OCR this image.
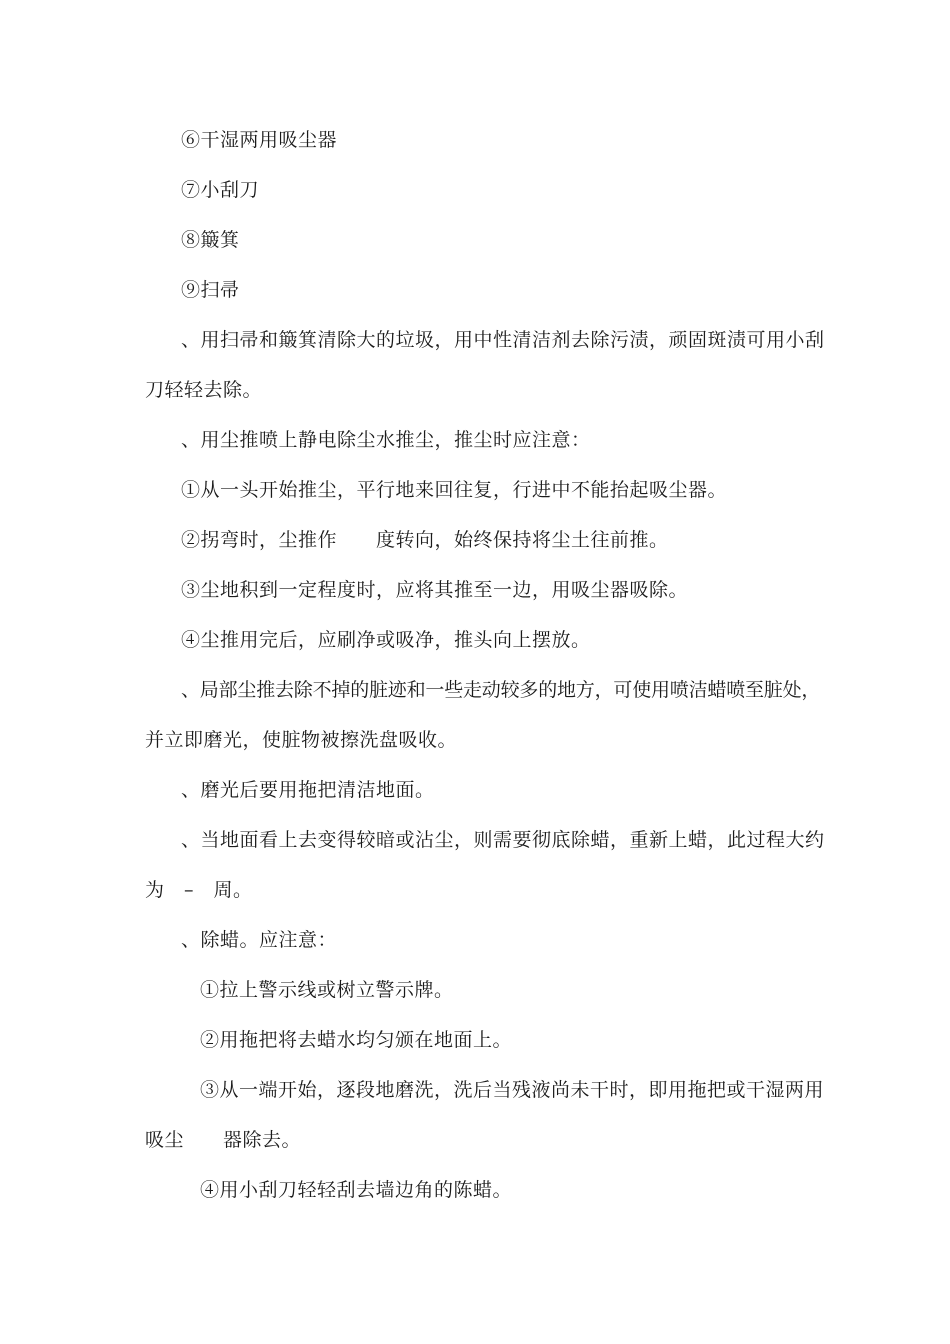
⑥干湿两用吸尘器
⑦小刮刀
⑧簸箕
⑨扫帚
、用扫帚和簸箕清除大的垃圾，用中性清洁剂去除污渍，顽固斑渍可用小刮
刀轻轻去除。
、用尘推喷上静电除尘水推尘，推尘时应注意：
①从一头开始推尘，平行地来回往复，行进中不能抬起吸尘器。
②拐弯时，尘推作　　度转向，始终保持将尘土往前推。
③尘地积到一定程度时，应将其推至一边，用吸尘器吸除。
④尘推用完后，应刷净或吸净，推头向上摆放。
、局部尘推去除不掉的脏迹和一些走动较多的地方，可使用喷洁蜡喷至脏处，
并立即磨光，使脏物被擦洗盘吸收。
、磨光后要用拖把清洁地面。
、当地面看上去变得较暗或沾尘，则需要彻底除蜡，重新上蜡，此过程大约
为　–　周。
、除蜡。应注意：
①拉上警示线或树立警示牌。
②用拖把将去蜡水均匀颁在地面上。
③从一端开始，逐段地磨洗，洗后当残液尚未干时，即用拖把或干湿两用
吸尘　　器除去。
④用小刮刀轻轻刮去墙边角的陈蜡。
